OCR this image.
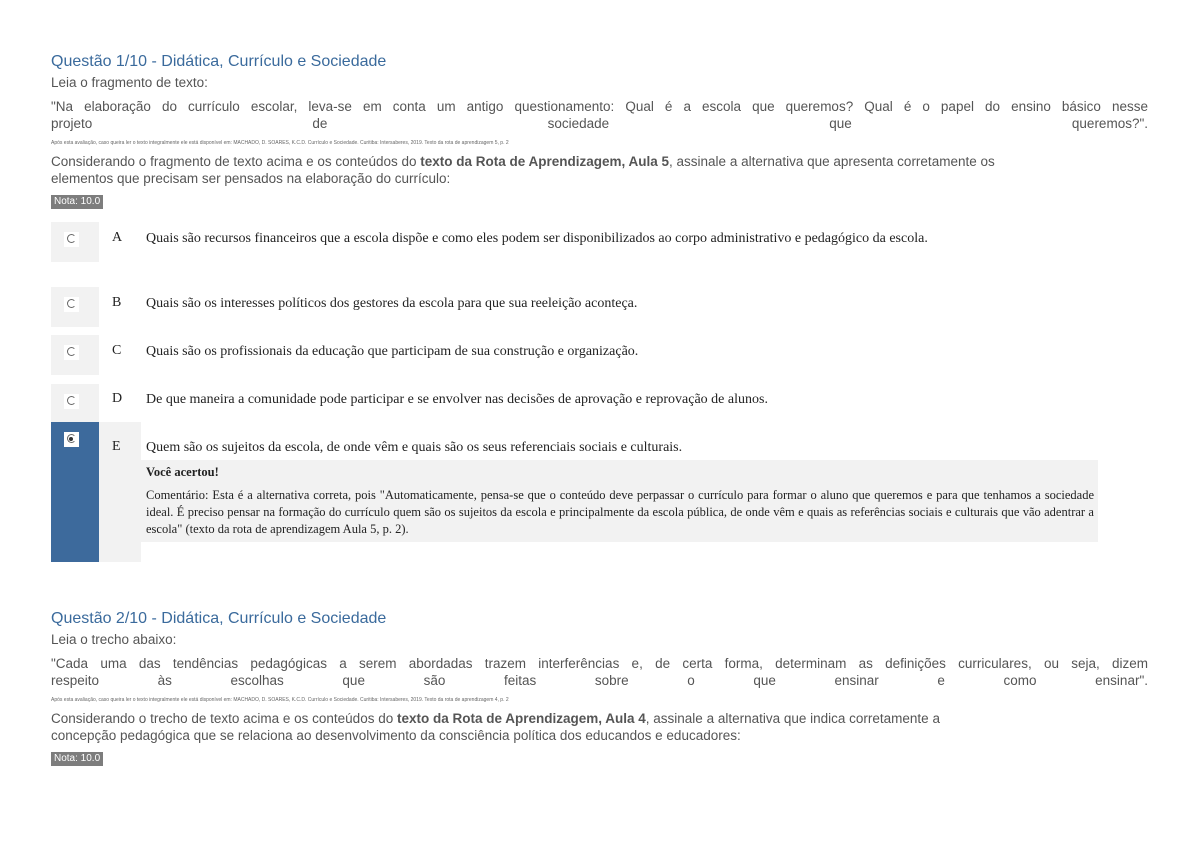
Questão 1/10 - Didática, Currículo e Sociedade
Leia o fragmento de texto:
"Na elaboração do currículo escolar, leva-se em conta um antigo questionamento: Qual é a escola que queremos? Qual é o papel do ensino básico nesse
projeto de sociedade que queremos?".
Após esta avaliação, caso queira ler o texto integralmente ele está disponível em: MACHADO, D. SOARES, K.C.D. Currículo e Sociedade. Curitiba: Intersaberes, 2019. Texto da rota de aprendizagem 5, p. 2
Considerando o fragmento de texto acima e os conteúdos do texto da Rota de Aprendizagem, Aula 5, assinale a alternativa que apresenta corretamente os
elementos que precisam ser pensados na elaboração do currículo:
Nota: 10.0
A Quais são recursos financeiros que a escola dispõe e como eles podem ser disponibilizados ao corpo administrativo e pedagógico da escola.
B Quais são os interesses políticos dos gestores da escola para que sua reeleição aconteça.
C Quais são os profissionais da educação que participam de sua construção e organização.
D De que maneira a comunidade pode participar e se envolver nas decisões de aprovação e reprovação de alunos.
E Quem são os sujeitos da escola, de onde vêm e quais são os seus referenciais sociais e culturais.
Você acertou!
Comentário: Esta é a alternativa correta, pois "Automaticamente, pensa-se que o conteúdo deve perpassar o currículo para formar o aluno que queremos e para que tenhamos a sociedade ideal. É preciso pensar na formação do currículo quem são os sujeitos da escola e principalmente da escola pública, de onde vêm e quais as referências sociais e culturais que vão adentrar a escola" (texto da rota de aprendizagem Aula 5, p. 2).
Questão 2/10 - Didática, Currículo e Sociedade
Leia o trecho abaixo:
"Cada uma das tendências pedagógicas a serem abordadas trazem interferências e, de certa forma, determinam as definições curriculares, ou seja, dizem
respeito às escolhas que são feitas sobre o que ensinar e como ensinar".
Após esta avaliação, caso queira ler o texto integralmente ele está disponível em: MACHADO, D. SOARES, K.C.D. Currículo e Sociedade. Curitiba: Intersaberes, 2019. Texto da rota de aprendizagem 4, p. 2
Considerando o trecho de texto acima e os conteúdos do texto da Rota de Aprendizagem, Aula 4, assinale a alternativa que indica corretamente a
concepção pedagógica que se relaciona ao desenvolvimento da consciência política dos educandos e educadores:
Nota: 10.0
